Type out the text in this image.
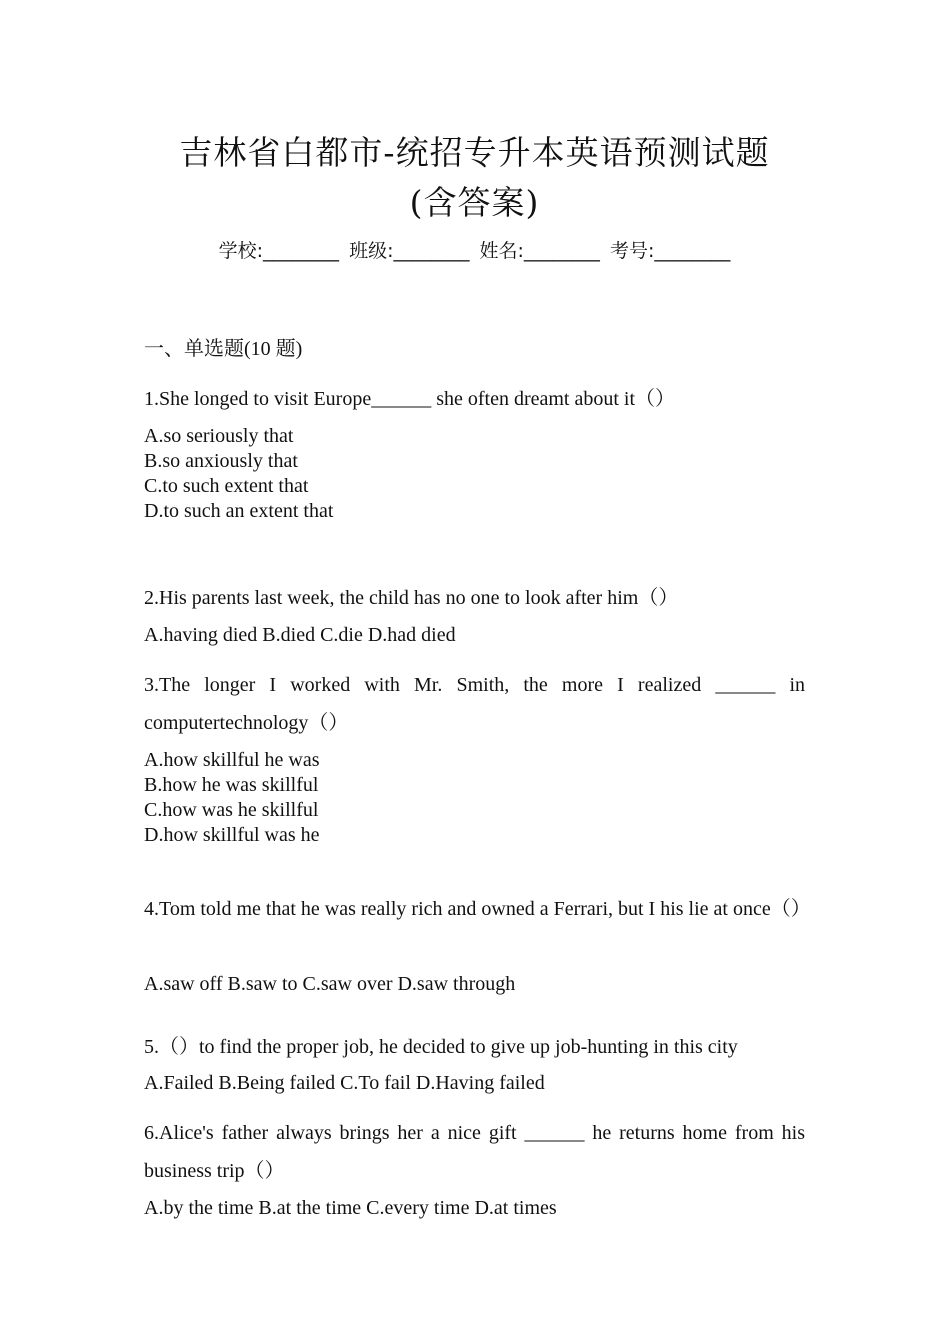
吉林省白都市-统招专升本英语预测试题
(含答案)
学校:________ 班级:________ 姓名:________ 考号:________
一、单选题(10 题)
1.She longed to visit Europe______ she often dreamt about it（）
A.so seriously that
B.so anxiously that
C.to such extent that
D.to such an extent that
2.His parents last week, the child has no one to look after him（）
A.having died B.died C.die D.had died
3.The longer I worked with Mr. Smith, the more I realized ______ in computertechnology（）
A.how skillful he was
B.how he was skillful
C.how was he skillful
D.how skillful was he
4.Tom told me that he was really rich and owned a Ferrari, but I his lie at once（）
A.saw off B.saw to C.saw over D.saw through
5.（）to find the proper job, he decided to give up job-hunting in this city
A.Failed B.Being failed C.To fail D.Having failed
6.Alice's father always brings her a nice gift ______ he returns home from his business trip（）
A.by the time B.at the time C.every time D.at times
